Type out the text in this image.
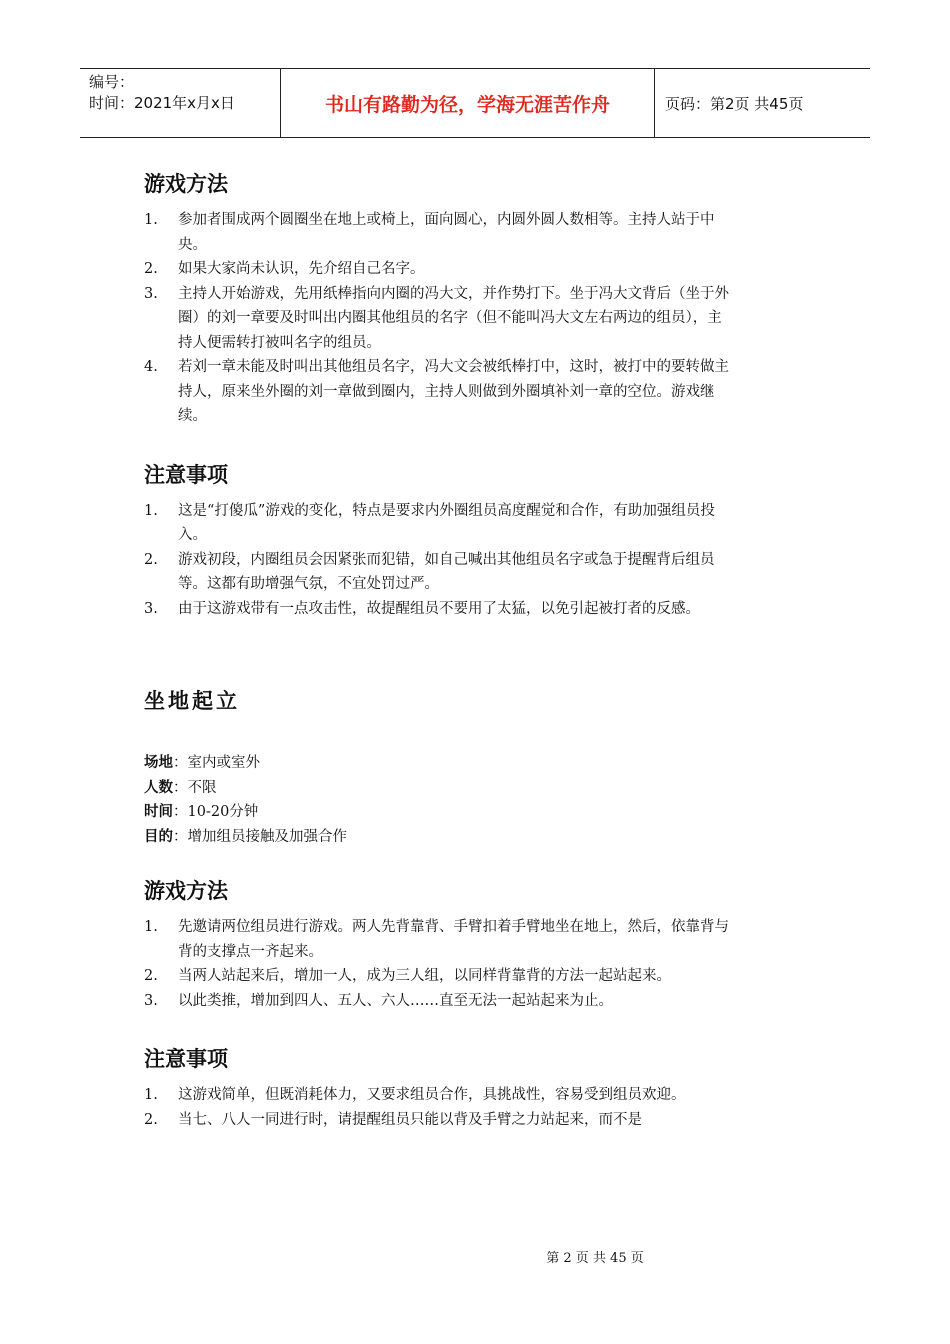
编号：
时间：2021年x月x日	书山有路勤为径，学海无涯苦作舟	页码：第2页 共45页
游戏方法
1. 参加者围成两个圆圈坐在地上或椅上，面向圆心，内圆外圆人数相等。主持人站于中央。
2. 如果大家尚未认识，先介绍自己名字。
3. 主持人开始游戏，先用纸棒指向内圈的冯大文，并作势打下。坐于冯大文背后（坐于外圈）的刘一章要及时叫出内圈其他组员的名字（但不能叫冯大文左右两边的组员），主持人便需转打被叫名字的组员。
4. 若刘一章未能及时叫出其他组员名字，冯大文会被纸棒打中，这时，被打中的要转做主持人，原来坐外圈的刘一章做到圈内，主持人则做到外圈填补刘一章的空位。游戏继续。
注意事项
1. 这是“打傻瓜”游戏的变化，特点是要求内外圈组员高度醒觉和合作，有助加强组员投入。
2. 游戏初段，内圈组员会因紧张而犯错，如自己喊出其他组员名字或急于提醒背后组员等。这都有助增强气氛，不宜处罚过严。
3. 由于这游戏带有一点攻击性，故提醒组员不要用了太猛，以免引起被打者的反感。
坐地起立
场地：室内或室外
人数：不限
时间：10-20分钟
目的：增加组员接触及加强合作
游戏方法
1. 先邀请两位组员进行游戏。两人先背靠背、手臂扣着手臂地坐在地上，然后，依靠背与背的支撑点一齐起来。
2. 当两人站起来后，增加一人，成为三人组，以同样背靠背的方法一起站起来。
3. 以此类推，增加到四人、五人、六人……直至无法一起站起来为止。
注意事项
1. 这游戏简单，但既消耗体力，又要求组员合作，具挑战性，容易受到组员欢迎。
2. 当七、八人一同进行时，请提醒组员只能以背及手臂之力站起来，而不是
第 2 页 共 45 页
